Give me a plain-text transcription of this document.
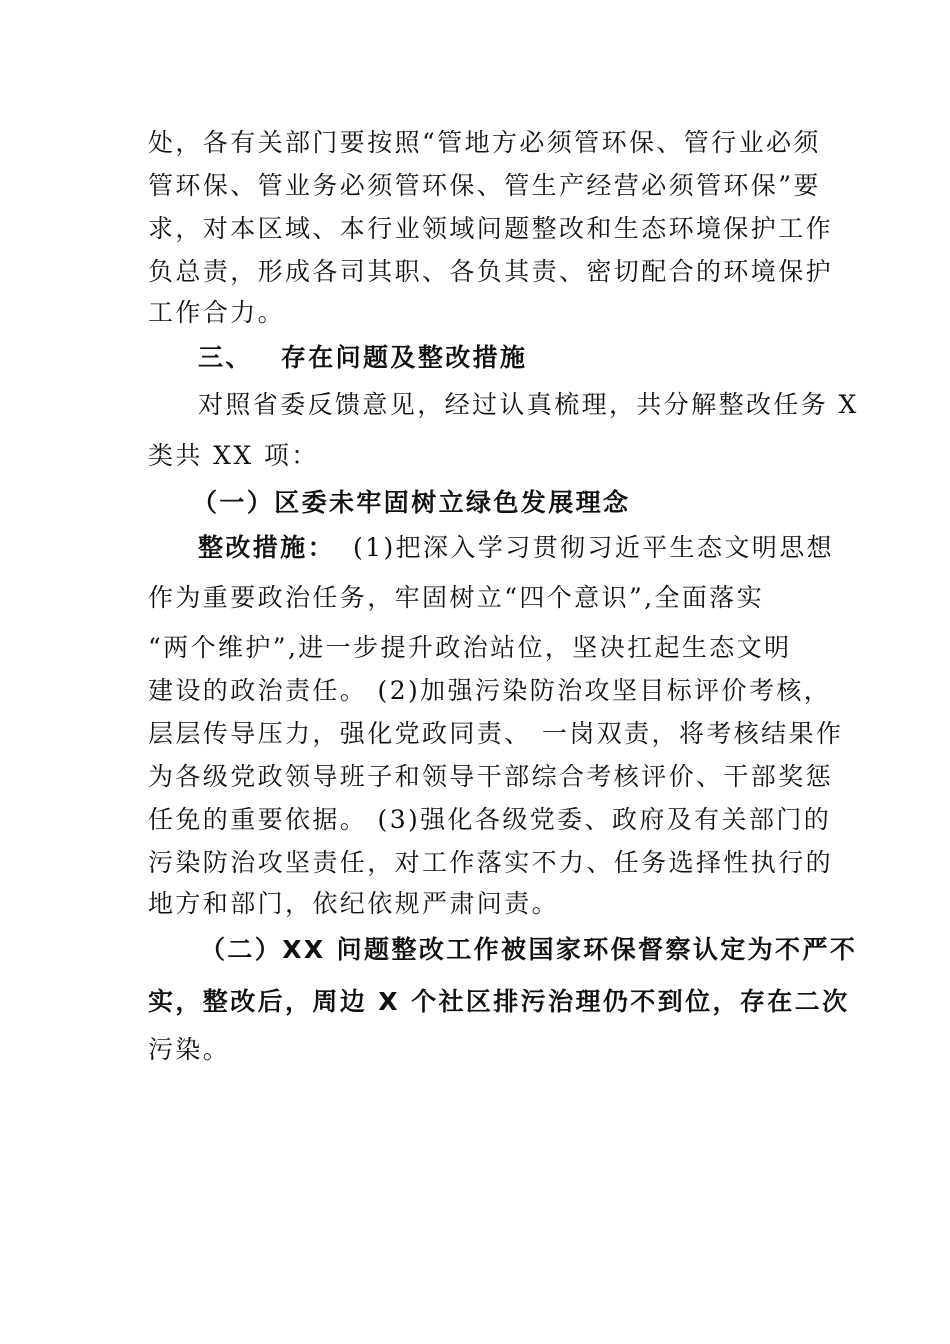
处，各有关部门要按照“管地方必须管环保、管行业必须
管环保、管业务必须管环保、管生产经营必须管环保”要
求，对本区域、本行业领域问题整改和生态环境保护工作
负总责，形成各司其职、各负其责、密切配合的环境保护
工作合力。
三、 存在问题及整改措施
对照省委反馈意见，经过认真梳理，共分解整改任务 X
类共 XX 项：
（一）区委未牢固树立绿色发展理念
整改措施： (1)把深入学习贯彻习近平生态文明思想
作为重要政治任务，牢固树立“四个意识”,全面落实
“两个维护”,进一步提升政治站位，坚决扛起生态文明
建设的政治责任。 (2)加强污染防治攻坚目标评价考核，
层层传导压力，强化党政同责、 一岗双责，将考核结果作
为各级党政领导班子和领导干部综合考核评价、干部奖惩
任免的重要依据。 (3)强化各级党委、政府及有关部门的
污染防治攻坚责任，对工作落实不力、任务选择性执行的
地方和部门，依纪依规严肃问责。
（二）XX 问题整改工作被国家环保督察认定为不严不
实，整改后，周边 X 个社区排污治理仍不到位，存在二次
污染。
